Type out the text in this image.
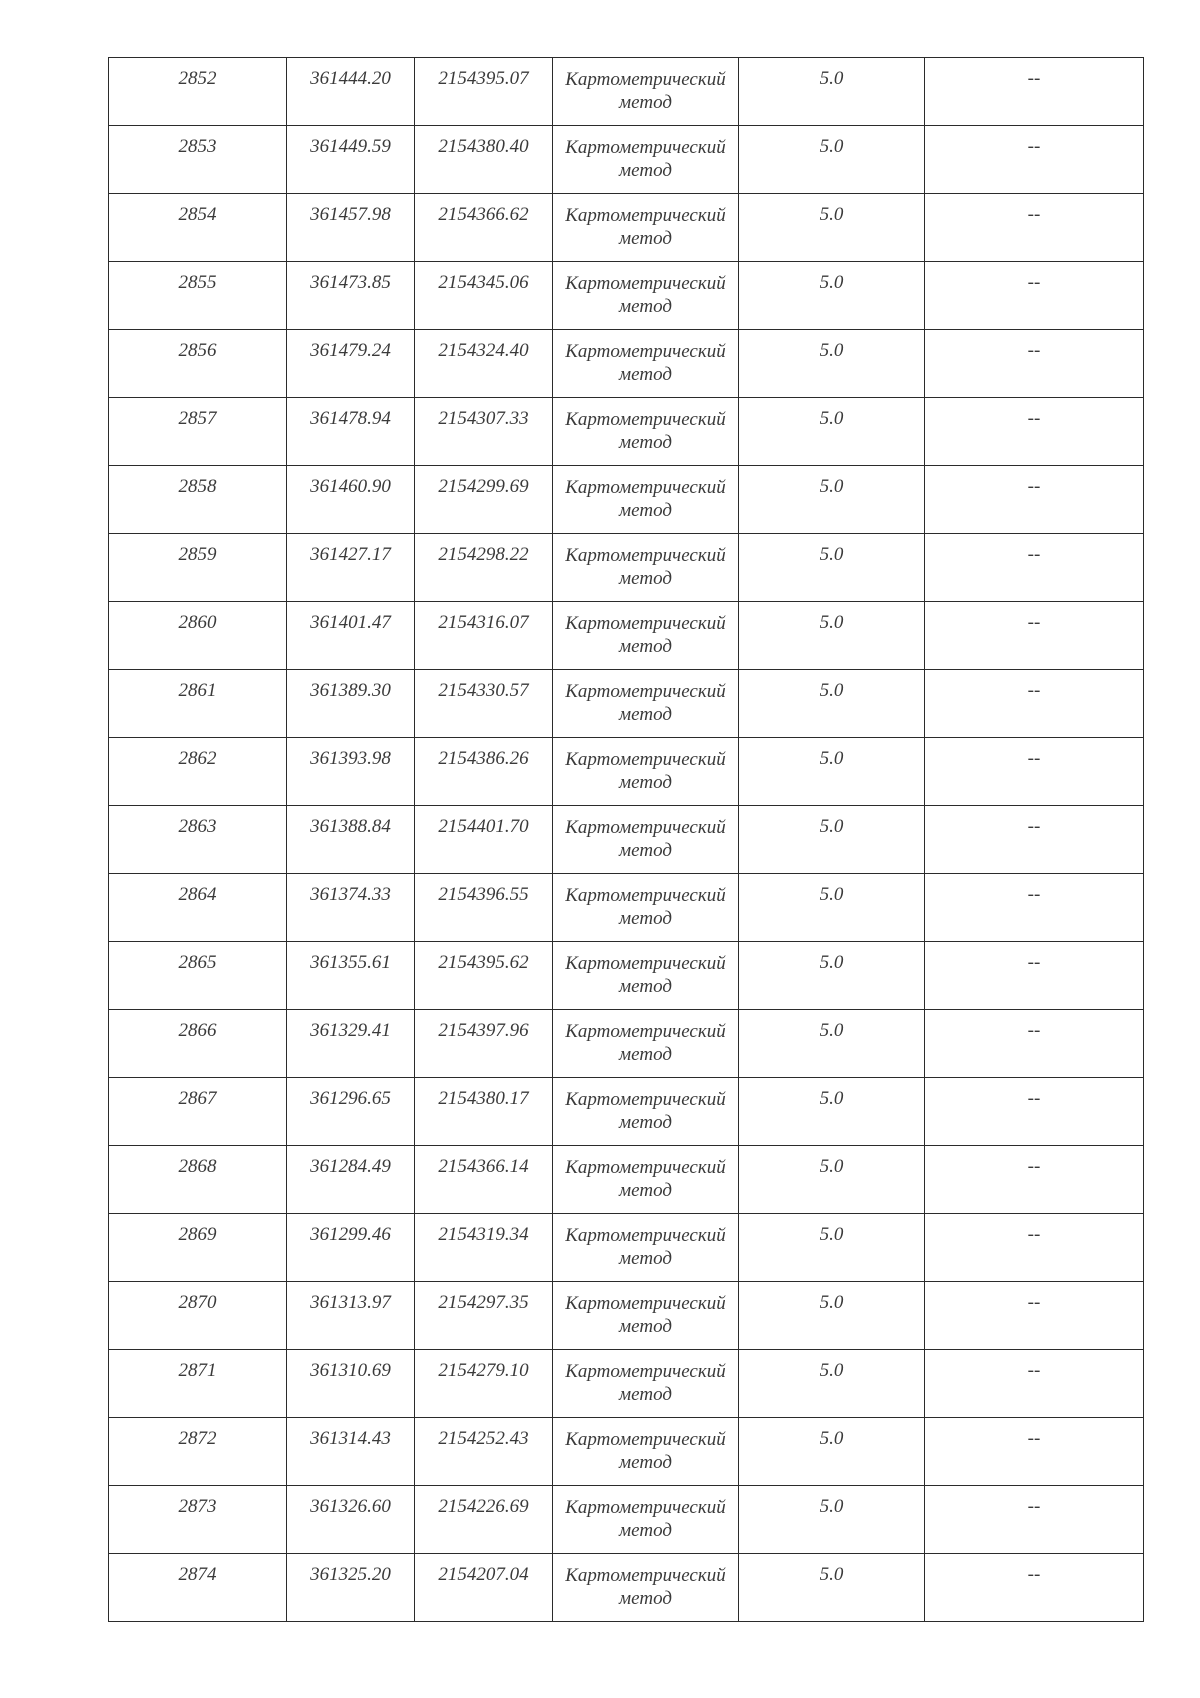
2852	361444.20	2154395.07	Картометрический
метод	5.0	--

2853	361449.59	2154380.40	Картометрический
метод	5.0	--

2854	361457.98	2154366.62	Картометрический
метод	5.0	--

2855	361473.85	2154345.06	Картометрический
метод	5.0	--

2856	361479.24	2154324.40	Картометрический
метод	5.0	--

2857	361478.94	2154307.33	Картометрический
метод	5.0	--

2858	361460.90	2154299.69	Картометрический
метод	5.0	--

2859	361427.17	2154298.22	Картометрический
метод	5.0	--

2860	361401.47	2154316.07	Картометрический
метод	5.0	--

2861	361389.30	2154330.57	Картометрический
метод	5.0	--

2862	361393.98	2154386.26	Картометрический
метод	5.0	--

2863	361388.84	2154401.70	Картометрический
метод	5.0	--

2864	361374.33	2154396.55	Картометрический
метод	5.0	--

2865	361355.61	2154395.62	Картометрический
метод	5.0	--

2866	361329.41	2154397.96	Картометрический
метод	5.0	--

2867	361296.65	2154380.17	Картометрический
метод	5.0	--

2868	361284.49	2154366.14	Картометрический
метод	5.0	--

2869	361299.46	2154319.34	Картометрический
метод	5.0	--

2870	361313.97	2154297.35	Картометрический
метод	5.0	--

2871	361310.69	2154279.10	Картометрический
метод	5.0	--

2872	361314.43	2154252.43	Картометрический
метод	5.0	--

2873	361326.60	2154226.69	Картометрический
метод	5.0	--

2874	361325.20	2154207.04	Картометрический
метод	5.0	--
